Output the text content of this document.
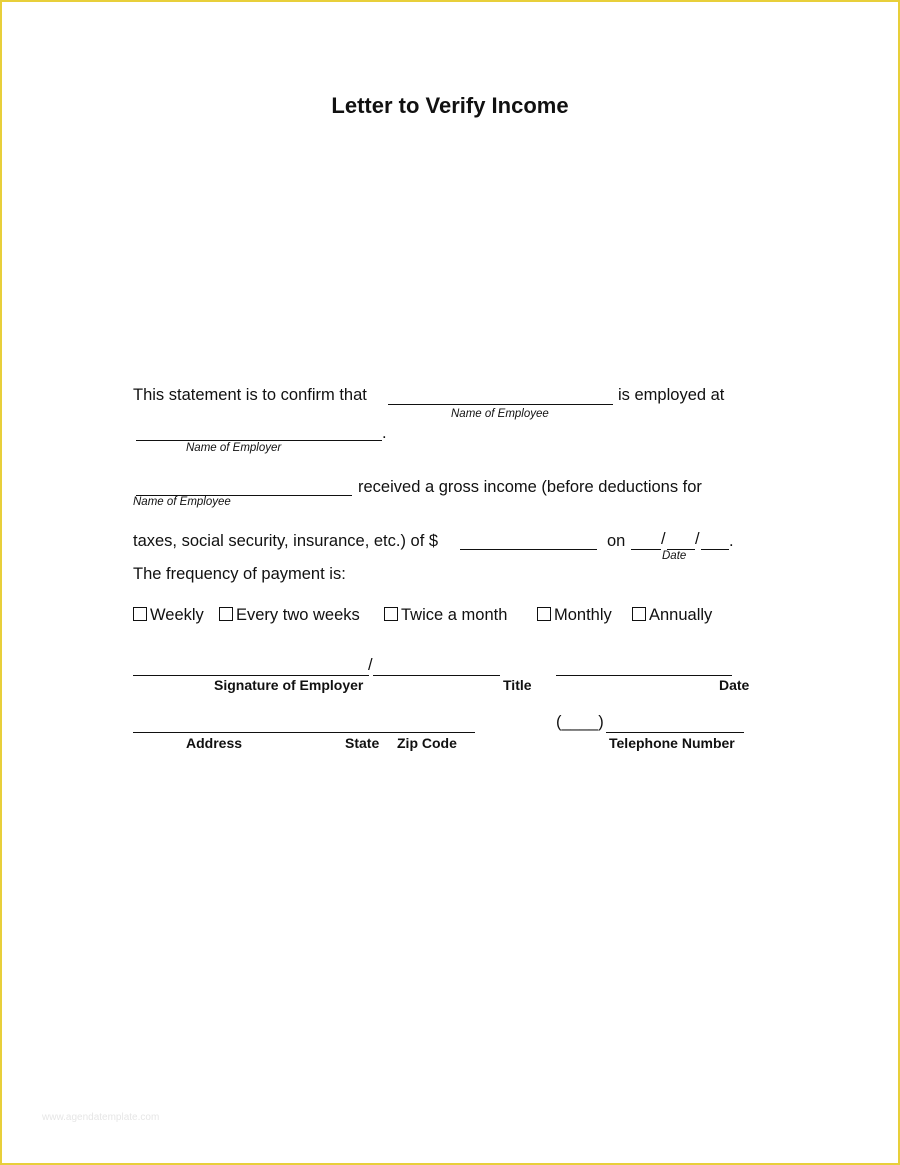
Letter to Verify Income
This statement is to confirm that
Name of Employee
is employed at
.
Name of Employer
Name of Employee
received a gross income (before deductions for
taxes, social security, insurance, etc.) of $	on / / .
Date
The frequency of payment is:
Weekly	Every two weeks	Twice a month	Monthly	Annually
/
Signature of Employer	Title	Date
(____)
Address	State Zip Code	Telephone Number
www.agendatemplate.com
